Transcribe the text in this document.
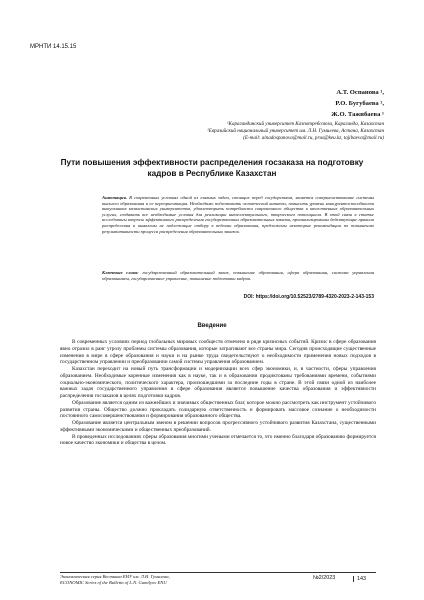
МРНТИ 14.15.15
А.Т. Оспанова ¹,
Р.О. Бугубаева ²,
Ж.О. Тажибаева ¹
¹Карагандинский университет Казпотребсоюза, Караганда, Казахстан
²Евразийский национальный университет им. Л.Н. Гумилева, Астана, Казахстан
(E-mail: ainadospanova@mail.ru, prus@keu.kz, tajibaeva@mail.ru)
Пути повышения эффективности распределения госзаказа на подготовку кадров в Республике Казахстан
Аннотация. В современных условиях одной из главных задач, стоящих перед государством, является совершенствование системы высшего образования и ее переориентация. Необходимо подготовить человеческий капитал, повысить уровень конкурентоспособности выпускников казахстанских университетов, удовлетворить потребности современного общества в качественных образовательных услугах, создавать все необходимые условия для реализации интеллектуального, творческого потенциала. В этой связи в статье исследованы вопросы эффективного распределения государственных образовательных заказов, проанализированы действующие правила распределения и выявлены не подлежащие отбору в ведении образования, предложены некоторые рекомендации по повышению результативности процесса распределения образовательных заказов.
Ключевые слова: государственный образовательный заказ, повышение образования, сфера образования, система управления образованием, государственное управление, повышение подготовки кадров.
DOI: https://doi.org/10.52523/2789-4320-2023-2-143-153
Введение

В современных условиях период глобальных мировых сообществ отмечено в ряде кризисных событий. Кризис в сфере образования явно отразил в ранг угрозу проблемы системы образования, которые затрагивают все страны мира. Сегодня происходящие существенные изменения в мире в сфере образования и науки и на рынке труда свидетельствуют о необходимости применения новых подходов в государственном управлении и преобразовании самой системы управления образованием.

Казахстан переходит на новый путь трансформации и модернизации всех сфер экономики, и, в частности, сферы управления образованием. Необходимые коренные изменения как в науке, так и в образовании продиктованы требованиями времени, событиями социально-экономического, политического характера, произошедшими за последние годы в стране. В этой связи одной из наиболее важных задач государственного управления в сфере образования является повышение качества образования и эффективности распределения госзаказов в целях подготовки кадров.

Образование является одним из важнейших и значимых общественных благ, которое можно рассмотреть как инструмент устойчивого развития страны. Общество должно прокладать солидарную ответственность и формировать массовое сознание о необходимости постоянного самосовершенствования и формирования образованного общества.

Образование является центральным звеном в решении вопросов прогрессивного устойчивого развития Казахстана, существенными эффективными экономическими и общественных преобразований.

В проведенных исследованиях сферы образования многими учеными отмечается то, что именно благодаря образованию формируется новое качество экономики и общества в целом.

Экономическая серия Вестника ЕНУ им. Л.Н. Гумилева,
ECONOMIC Series of the Bulletin of L.N. Gumilyov ENU
№2/2023	143
